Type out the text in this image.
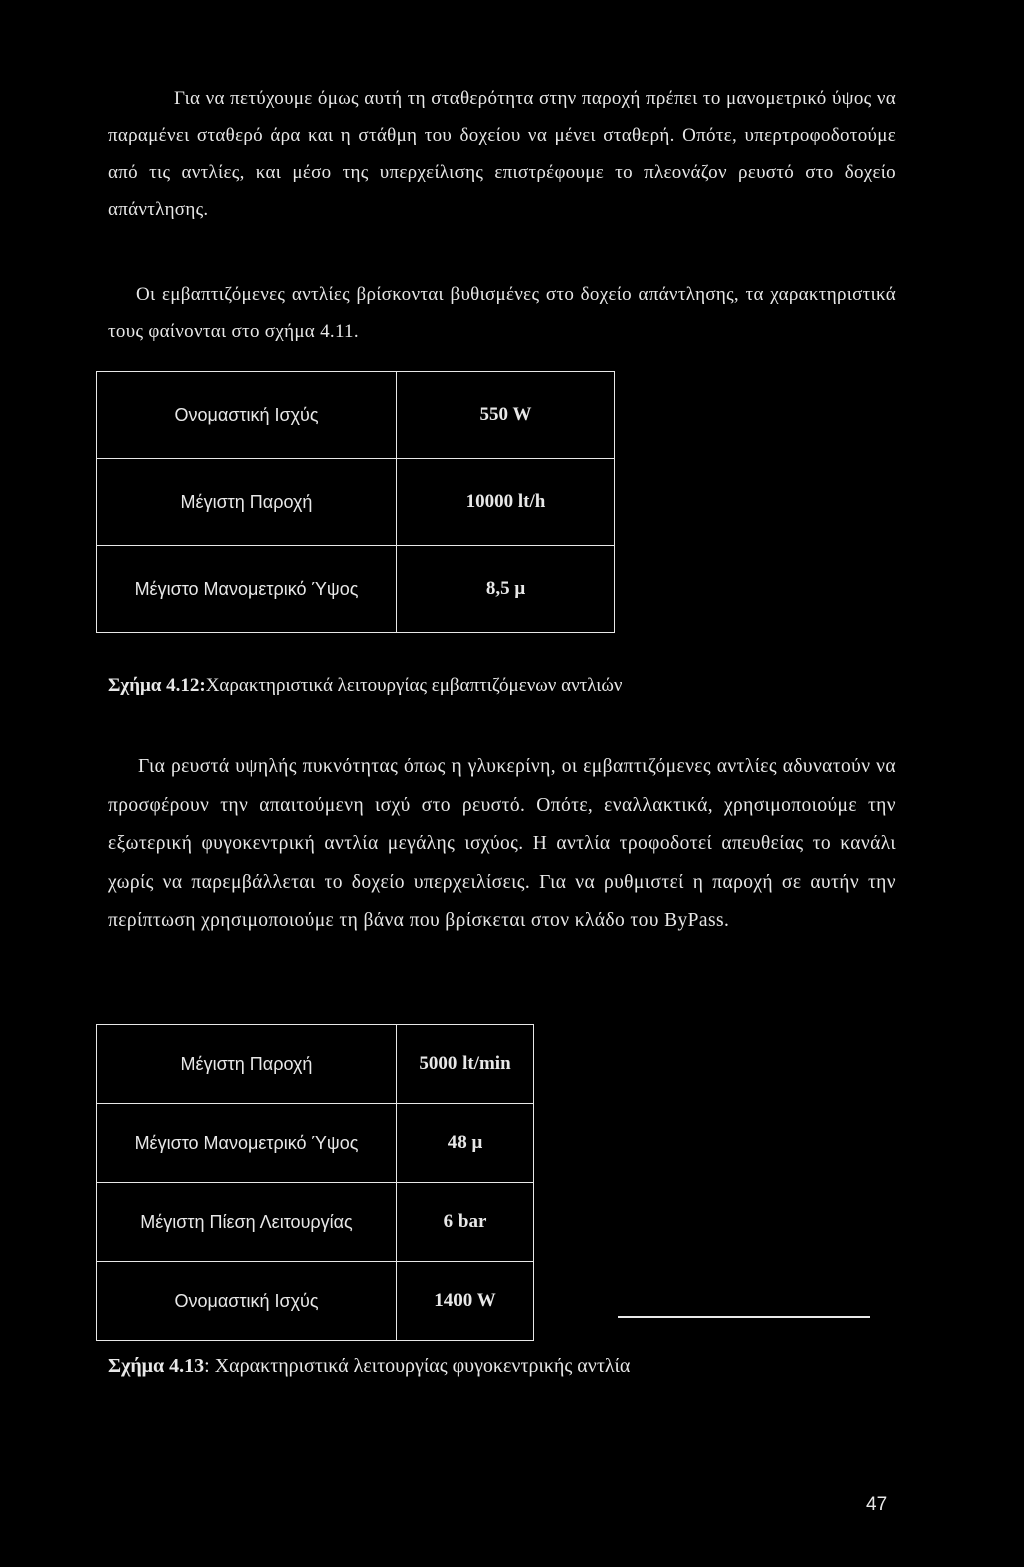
Για να πετύχουμε όμως αυτή τη σταθερότητα στην παροχή πρέπει το μανομετρικό ύψος να παραμένει σταθερό άρα και η στάθμη του δοχείου να μένει σταθερή. Οπότε, υπερτροφοδοτούμε από τις αντλίες, και μέσο της υπερχείλισης επιστρέφουμε το πλεονάζον ρευστό στο δοχείο απάντλησης.

Οι εμβαπτιζόμενες αντλίες βρίσκονται βυθισμένες στο δοχείο απάντλησης, τα χαρακτηριστικά τους φαίνονται στο σχήμα 4.11.

Ονομαστική Ισχύς	550 W
Μέγιστη Παροχή	10000 lt/h
Μέγιστο Μανομετρικό Ύψος	8,5 μ

Σχήμα 4.12:Χαρακτηριστικά λειτουργίας εμβαπτιζόμενων αντλιών

Για ρευστά υψηλής πυκνότητας όπως η γλυκερίνη, οι εμβαπτιζόμενες αντλίες αδυνατούν να προσφέρουν την απαιτούμενη ισχύ στο ρευστό. Οπότε, εναλλακτικά, χρησιμοποιούμε την εξωτερική φυγοκεντρική αντλία μεγάλης ισχύος. Η αντλία τροφοδοτεί απευθείας το κανάλι χωρίς να παρεμβάλλεται το δοχείο υπερχειλίσεις. Για να ρυθμιστεί η παροχή σε αυτήν την περίπτωση χρησιμοποιούμε τη βάνα που βρίσκεται στον κλάδο του ByPass.

Μέγιστη Παροχή	5000 lt/min
Μέγιστο Μανομετρικό Ύψος	48 μ
Μέγιστη Πίεση Λειτουργίας	6 bar
Ονομαστική Ισχύς	1400 W

Σχήμα 4.13: Χαρακτηριστικά λειτουργίας φυγοκεντρικής αντλία

47
